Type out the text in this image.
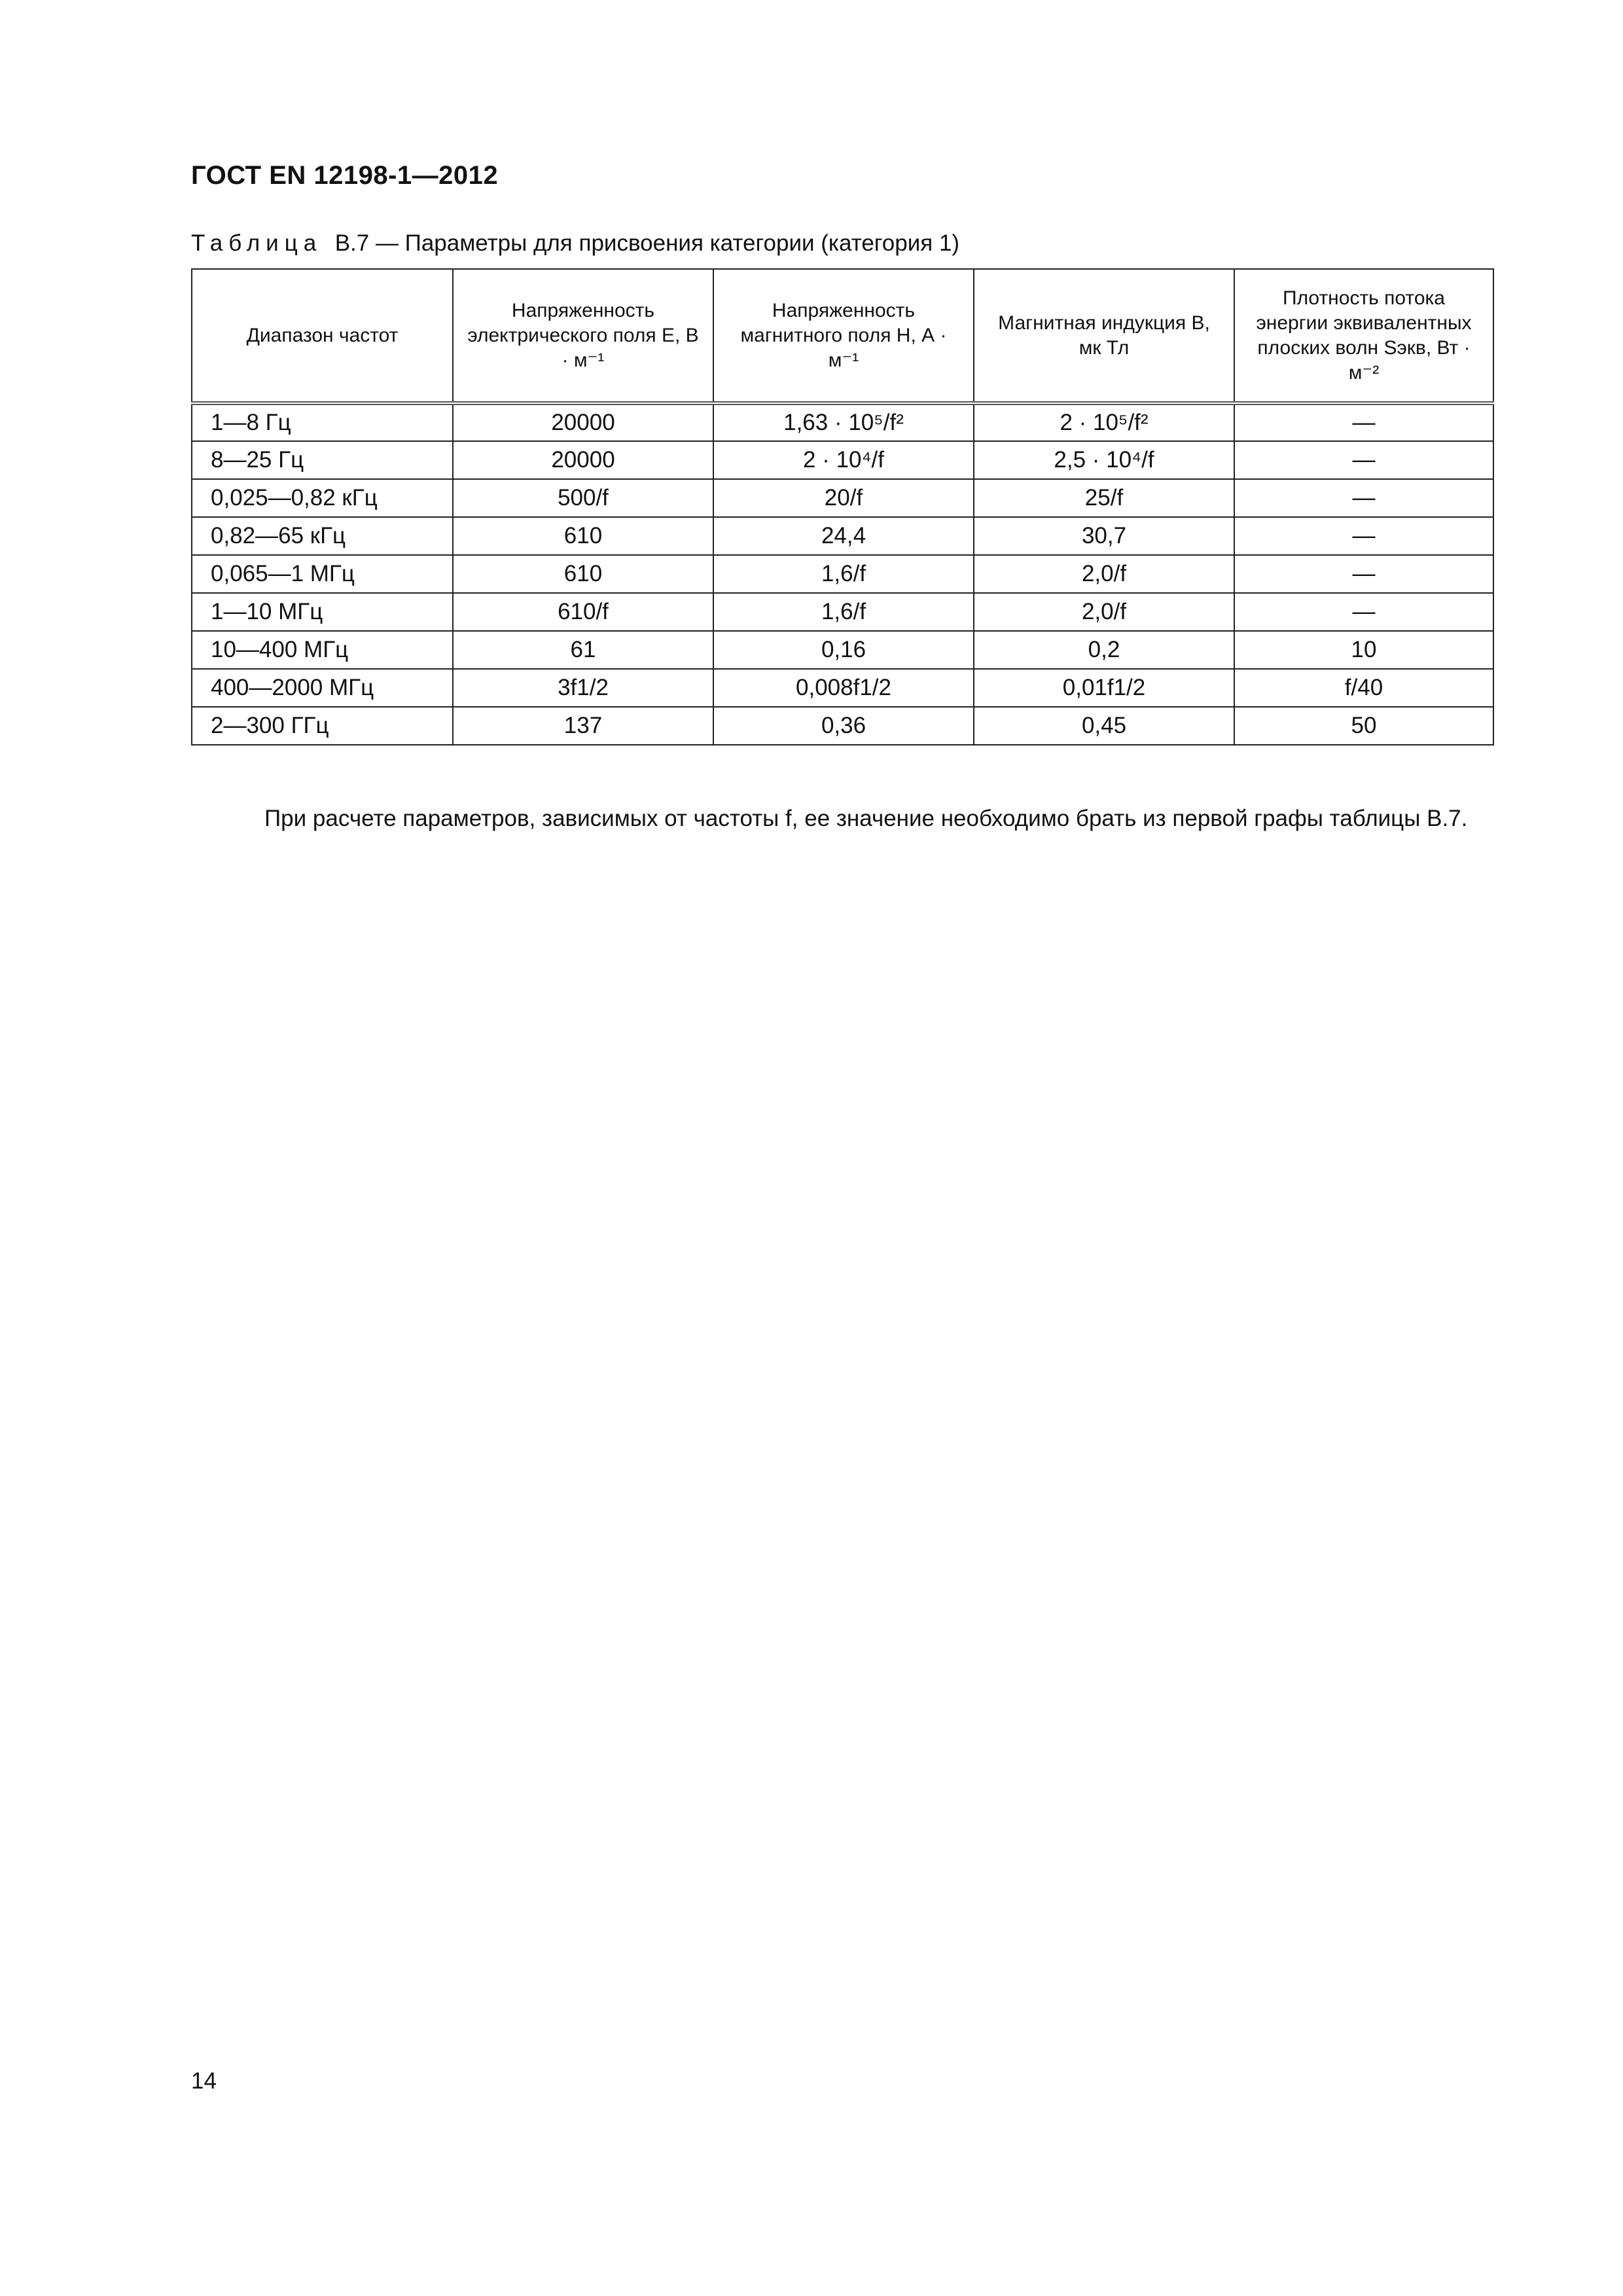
ГОСТ EN 12198-1—2012
Таблица В.7 — Параметры для присвоения категории (категория 1)
Диапазон частот	Напряженность электрического поля E, В · м⁻¹	Напряженность магнитного поля H, А · м⁻¹	Магнитная индукция B, мк Тл	Плотность потока энергии эквивалентных плоских волн Sэкв, Вт · м⁻²
1—8 Гц	20000	1,63 · 10⁵/f²	2 · 10⁵/f²	—
8—25 Гц	20000	2 · 10⁴/f	2,5 · 10⁴/f	—
0,025—0,82 кГц	500/f	20/f	25/f	—
0,82—65 кГц	610	24,4	30,7	—
0,065—1 МГц	610	1,6/f	2,0/f	—
1—10 МГц	610/f	1,6/f	2,0/f	—
10—400 МГц	61	0,16	0,2	10
400—2000 МГц	3f1/2	0,008f1/2	0,01f1/2	f/40
2—300 ГГц	137	0,36	0,45	50
При расчете параметров, зависимых от частоты f, ее значение необходимо брать из первой графы таблицы В.7.
14
